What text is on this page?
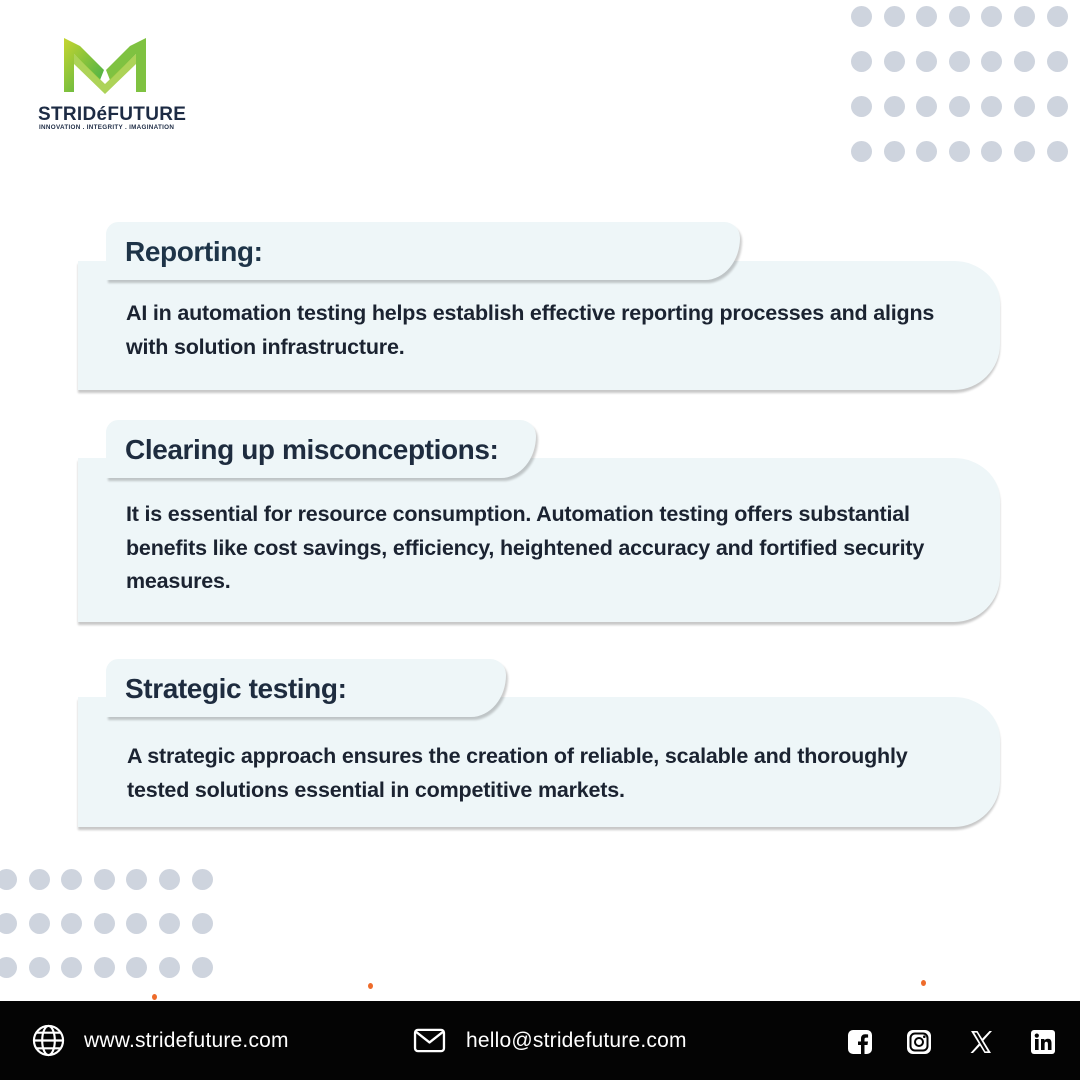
STRIDéFUTURE
INNOVATION . INTEGRITY . IMAGINATION

AI in automation testing helps establish effective reporting processes and aligns with solution infrastructure.

Reporting:

It is essential for resource consumption. Automation testing offers substantial benefits like cost savings, efficiency, heightened accuracy and fortified security measures.

Clearing up misconceptions:

A strategic approach ensures the creation of reliable, scalable and thoroughly tested solutions essential in competitive markets.

Strategic testing:
www.stridefuture.com	hello@stridefuture.com
